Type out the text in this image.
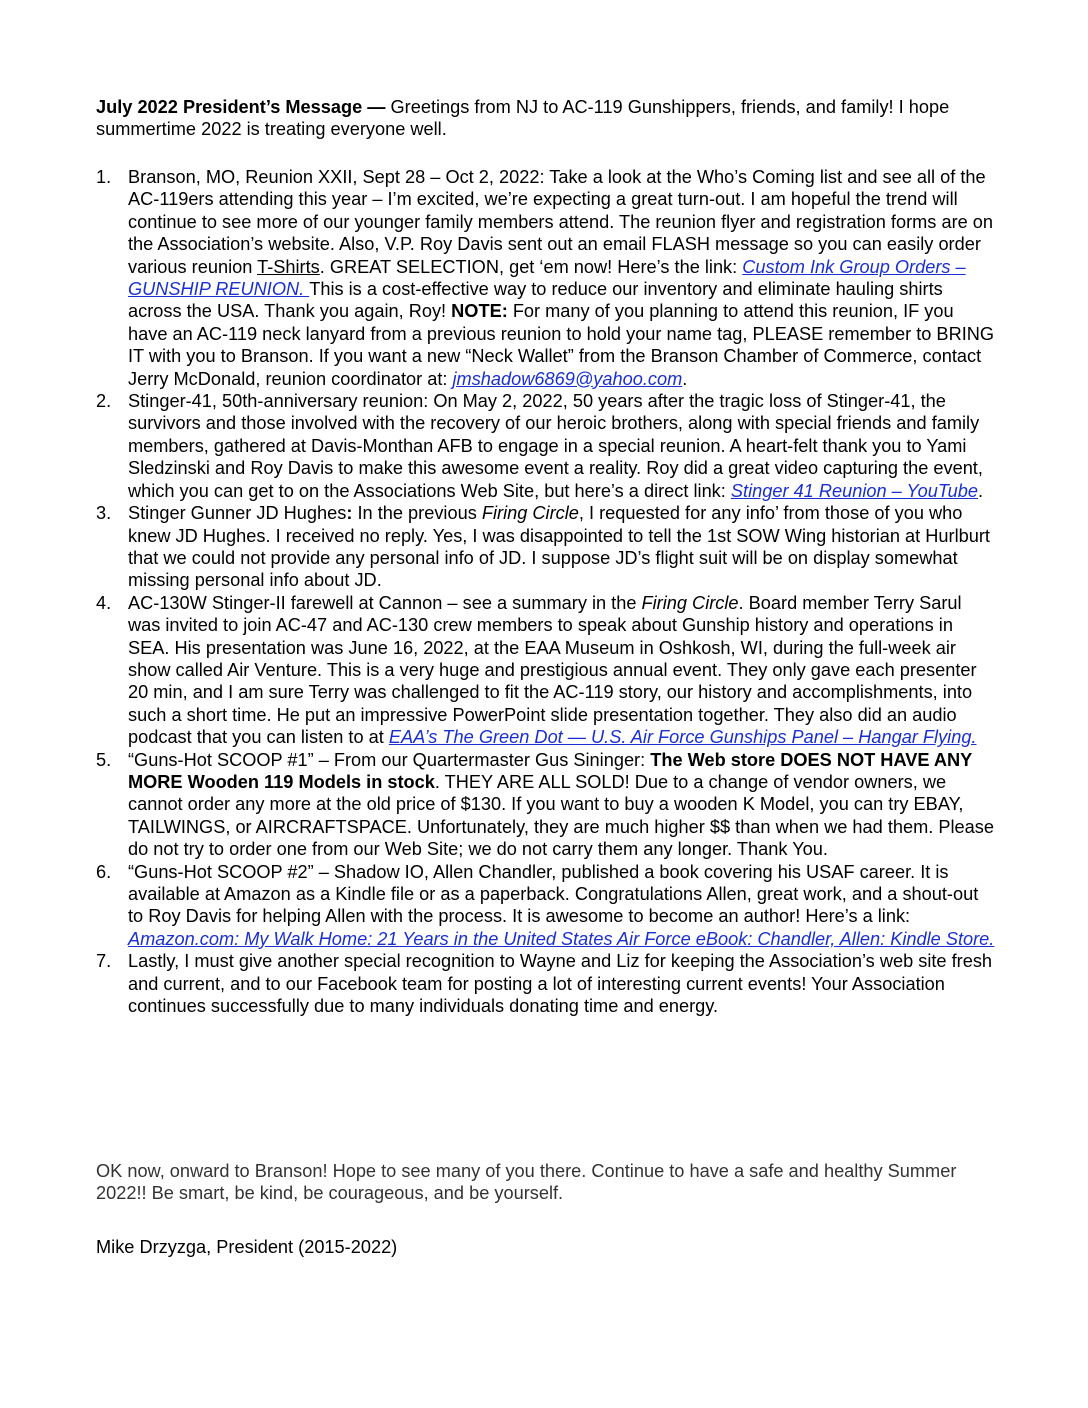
July 2022 President’s Message — Greetings from NJ to AC-119 Gunshippers, friends, and family! I hope summertime 2022 is treating everyone well.
1. Branson, MO, Reunion XXII, Sept 28 – Oct 2, 2022: Take a look at the Who’s Coming list and see all of the AC-119ers attending this year – I’m excited, we’re expecting a great turn-out. I am hopeful the trend will continue to see more of our younger family members attend. The reunion flyer and registration forms are on the Association’s website. Also, V.P. Roy Davis sent out an email FLASH message so you can easily order various reunion T-Shirts. GREAT SELECTION, get ‘em now! Here’s the link: Custom Ink Group Orders – GUNSHIP REUNION. This is a cost-effective way to reduce our inventory and eliminate hauling shirts across the USA. Thank you again, Roy! NOTE: For many of you planning to attend this reunion, IF you have an AC-119 neck lanyard from a previous reunion to hold your name tag, PLEASE remember to BRING IT with you to Branson. If you want a new “Neck Wallet” from the Branson Chamber of Commerce, contact Jerry McDonald, reunion coordinator at: jmshadow6869@yahoo.com.
2. Stinger-41, 50th-anniversary reunion: On May 2, 2022, 50 years after the tragic loss of Stinger-41, the survivors and those involved with the recovery of our heroic brothers, along with special friends and family members, gathered at Davis-Monthan AFB to engage in a special reunion. A heart-felt thank you to Yami Sledzinski and Roy Davis to make this awesome event a reality. Roy did a great video capturing the event, which you can get to on the Associations Web Site, but here’s a direct link: Stinger 41 Reunion – YouTube.
3. Stinger Gunner JD Hughes: In the previous Firing Circle, I requested for any info’ from those of you who knew JD Hughes. I received no reply. Yes, I was disappointed to tell the 1st SOW Wing historian at Hurlburt that we could not provide any personal info of JD. I suppose JD’s flight suit will be on display somewhat missing personal info about JD.
4. AC-130W Stinger-II farewell at Cannon – see a summary in the Firing Circle. Board member Terry Sarul was invited to join AC-47 and AC-130 crew members to speak about Gunship history and operations in SEA. His presentation was June 16, 2022, at the EAA Museum in Oshkosh, WI, during the full-week air show called Air Venture. This is a very huge and prestigious annual event. They only gave each presenter 20 min, and I am sure Terry was challenged to fit the AC-119 story, our history and accomplishments, into such a short time. He put an impressive PowerPoint slide presentation together. They also did an audio podcast that you can listen to at EAA’s The Green Dot — U.S. Air Force Gunships Panel – Hangar Flying.
5. “Guns-Hot SCOOP #1” – From our Quartermaster Gus Sininger: The Web store DOES NOT HAVE ANY MORE Wooden 119 Models in stock. THEY ARE ALL SOLD! Due to a change of vendor owners, we cannot order any more at the old price of $130. If you want to buy a wooden K Model, you can try EBAY, TAILWINGS, or AIRCRAFTSPACE. Unfortunately, they are much higher $$ than when we had them. Please do not try to order one from our Web Site; we do not carry them any longer. Thank You.
6. “Guns-Hot SCOOP #2” – Shadow IO, Allen Chandler, published a book covering his USAF career. It is available at Amazon as a Kindle file or as a paperback. Congratulations Allen, great work, and a shout-out to Roy Davis for helping Allen with the process. It is awesome to become an author! Here’s a link: Amazon.com: My Walk Home: 21 Years in the United States Air Force eBook: Chandler, Allen: Kindle Store.
7. Lastly, I must give another special recognition to Wayne and Liz for keeping the Association’s web site fresh and current, and to our Facebook team for posting a lot of interesting current events! Your Association continues successfully due to many individuals donating time and energy.
OK now, onward to Branson! Hope to see many of you there. Continue to have a safe and healthy Summer 2022!! Be smart, be kind, be courageous, and be yourself.
Mike Drzyzga, President (2015-2022)
